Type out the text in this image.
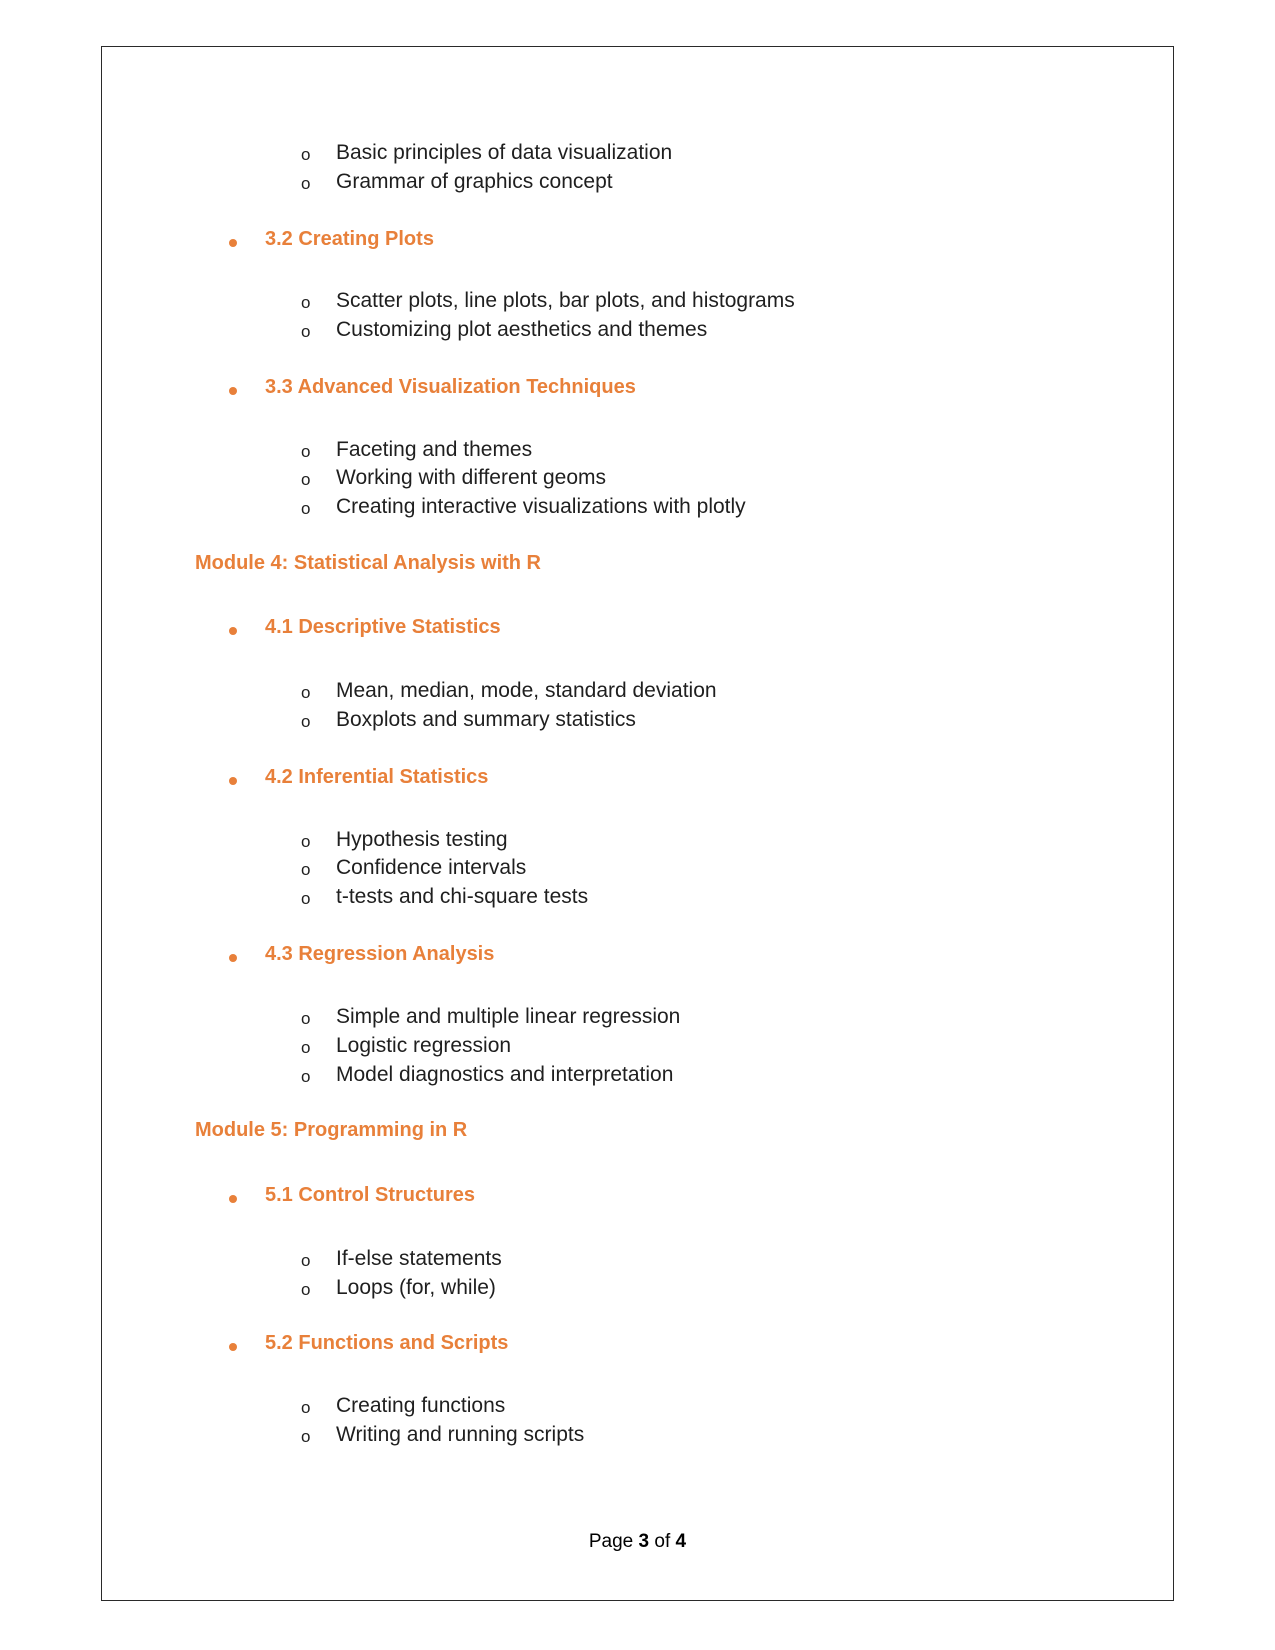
o Basic principles of data visualization
o Grammar of graphics concept
3.2 Creating Plots
o Scatter plots, line plots, bar plots, and histograms
o Customizing plot aesthetics and themes
3.3 Advanced Visualization Techniques
o Faceting and themes
o Working with different geoms
o Creating interactive visualizations with plotly
Module 4: Statistical Analysis with R
4.1 Descriptive Statistics
o Mean, median, mode, standard deviation
o Boxplots and summary statistics
4.2 Inferential Statistics
o Hypothesis testing
o Confidence intervals
o t-tests and chi-square tests
4.3 Regression Analysis
o Simple and multiple linear regression
o Logistic regression
o Model diagnostics and interpretation
Module 5: Programming in R
5.1 Control Structures
o If-else statements
o Loops (for, while)
5.2 Functions and Scripts
o Creating functions
o Writing and running scripts
Page 3 of 4
